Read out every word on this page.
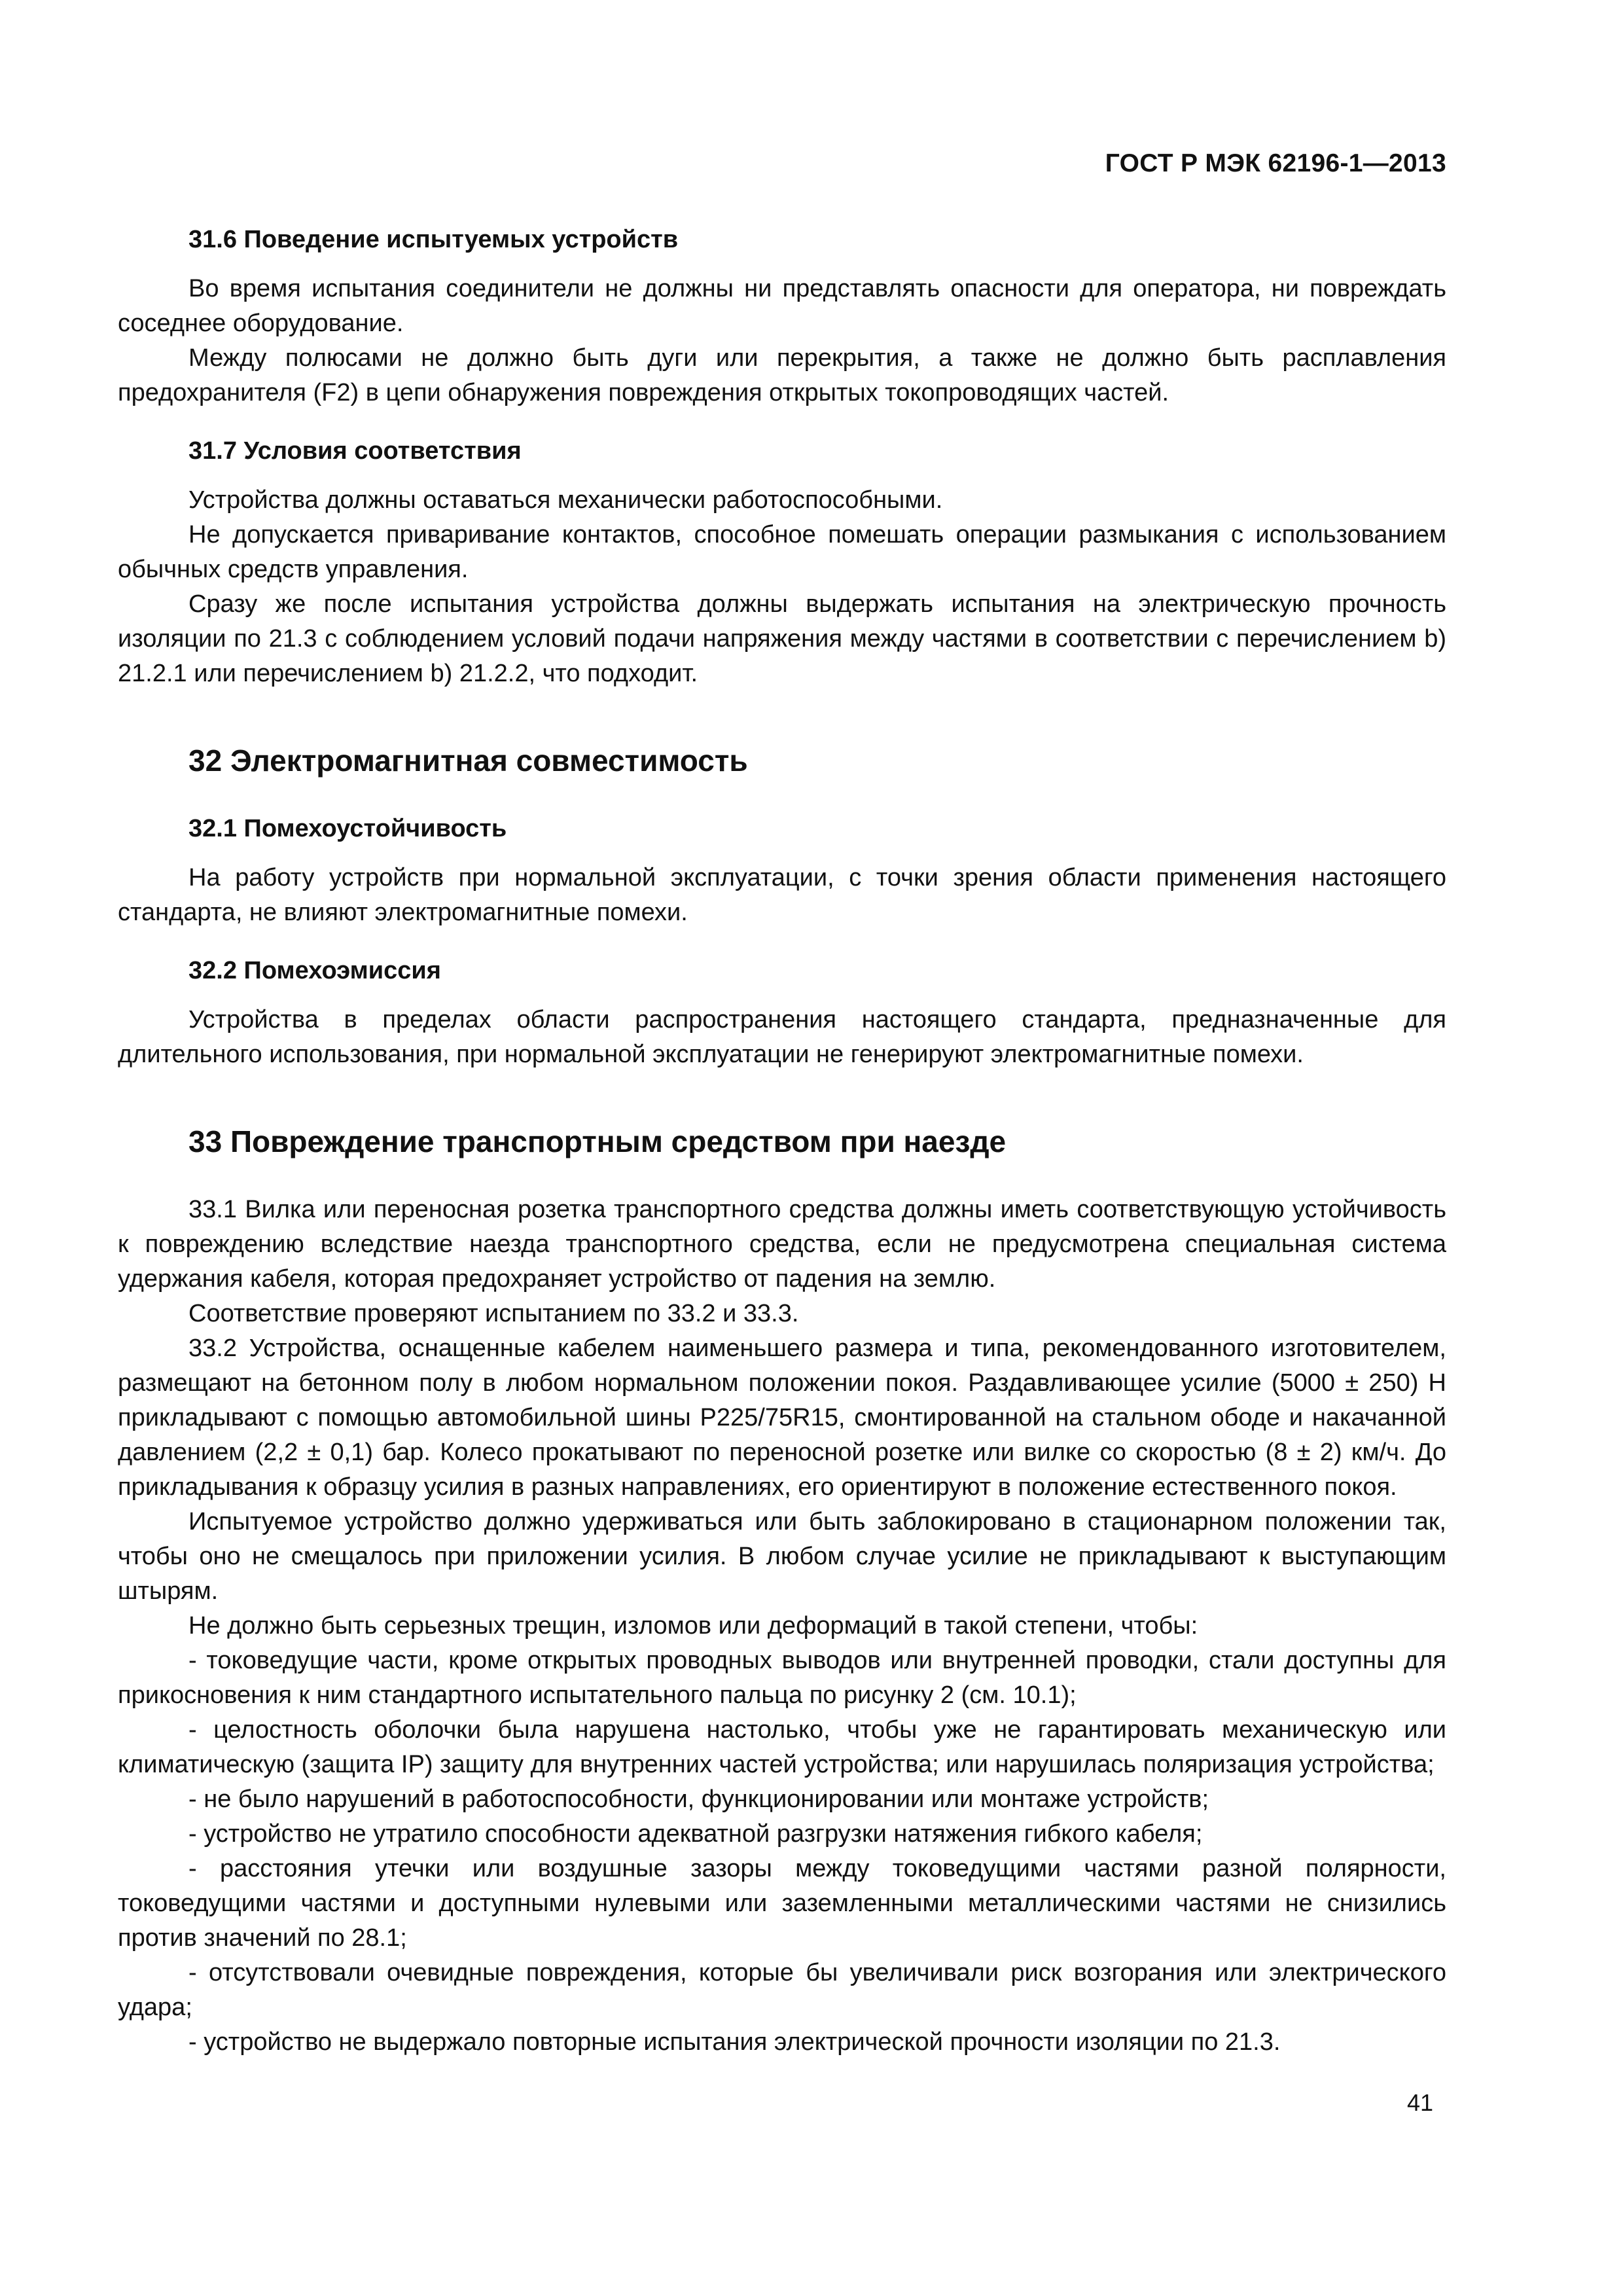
ГОСТ Р МЭК 62196-1—2013
31.6 Поведение испытуемых устройств

Во время испытания соединители не должны ни представлять опасности для оператора, ни повреждать соседнее оборудование.

Между полюсами не должно быть дуги или перекрытия, а также не должно быть расплавления предохранителя (F2) в цепи обнаружения повреждения открытых токопроводящих частей.

31.7 Условия соответствия

Устройства должны оставаться механически работоспособными.

Не допускается приваривание контактов, способное помешать операции размыкания с использованием обычных средств управления.

Сразу же после испытания устройства должны выдержать испытания на электрическую прочность изоляции по 21.3 с соблюдением условий подачи напряжения между частями в соответствии с перечислением b) 21.2.1 или перечислением b) 21.2.2, что подходит.

32 Электромагнитная совместимость
32.1 Помехоустойчивость

На работу устройств при нормальной эксплуатации, с точки зрения области применения настоящего стандарта, не влияют электромагнитные помехи.

32.2 Помехоэмиссия

Устройства в пределах области распространения настоящего стандарта, предназначенные для длительного использования, при нормальной эксплуатации не генерируют электромагнитные помехи.

33 Повреждение транспортным средством при наезде

33.1 Вилка или переносная розетка транспортного средства должны иметь соответствующую устойчивость к повреждению вследствие наезда транспортного средства, если не предусмотрена специальная система удержания кабеля, которая предохраняет устройство от падения на землю.

Соответствие проверяют испытанием по 33.2 и 33.3.

33.2 Устройства, оснащенные кабелем наименьшего размера и типа, рекомендованного изготовителем, размещают на бетонном полу в любом нормальном положении покоя. Раздавливающее усилие (5000 ± 250) Н прикладывают с помощью автомобильной шины P225/75R15, смонтированной на стальном ободе и накачанной давлением (2,2 ± 0,1) бар. Колесо прокатывают по переносной розетке или вилке со скоростью (8 ± 2) км/ч. До прикладывания к образцу усилия в разных направлениях, его ориентируют в положение естественного покоя.

Испытуемое устройство должно удерживаться или быть заблокировано в стационарном положении так, чтобы оно не смещалось при приложении усилия. В любом случае усилие не прикладывают к выступающим штырям.

Не должно быть серьезных трещин, изломов или деформаций в такой степени, чтобы:

- токоведущие части, кроме открытых проводных выводов или внутренней проводки, стали доступны для прикосновения к ним стандартного испытательного пальца по рисунку 2 (см. 10.1);

- целостность оболочки была нарушена настолько, чтобы уже не гарантировать механическую или климатическую (защита IP) защиту для внутренних частей устройства; или нарушилась поляризация устройства;

- не было нарушений в работоспособности, функционировании или монтаже устройств;

- устройство не утратило способности адекватной разгрузки натяжения гибкого кабеля;

- расстояния утечки или воздушные зазоры между токоведущими частями разной полярности, токоведущими частями и доступными нулевыми или заземленными металлическими частями не снизились против значений по 28.1;

- отсутствовали очевидные повреждения, которые бы увеличивали риск возгорания или электрического удара;

- устройство не выдержало повторные испытания электрической прочности изоляции по 21.3.

41
